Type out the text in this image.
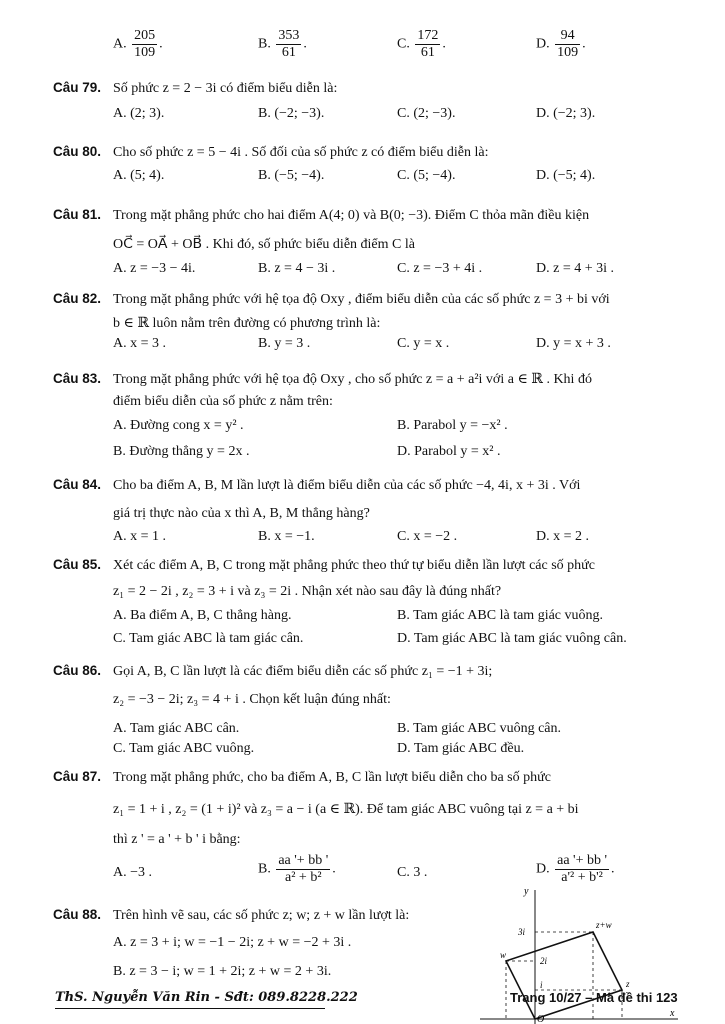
A. $\frac{205}{109}$ .	B. $\frac{353}{61}$ .	C. $\frac{172}{61}$ .	D. $\frac{94}{109}$ .
Câu 79. Số phức z = 2 − 3i có điểm biểu diễn là:
A. (2; 3).	B. (−2; −3).	C. (2; −3).	D. (−2; 3).
Câu 80. Cho số phức z = 5 − 4i . Số đối của số phức z có điểm biểu diễn là:
A. (5; 4).	B. (−5; −4).	C. (5; −4).	D. (−5; 4).
Câu 81. Trong mặt phẳng phức cho hai điểm A(4; 0) và B(0; −3). Điểm C thỏa mãn điều kiện
OC⃗ = OA⃗ + OB⃗ . Khi đó, số phức biểu diễn điểm C là
A. z = −3 − 4i.	B. z = 4 − 3i .	C. z = −3 + 4i .	D. z = 4 + 3i .
Câu 82. Trong mặt phẳng phức với hệ tọa độ Oxy , điểm biểu diễn của các số phức z = 3 + bi với
b ∈ ℝ luôn nằm trên đường có phương trình là:
A. x = 3 .	B. y = 3 .	C. y = x .	D. y = x + 3 .
Câu 83. Trong mặt phẳng phức với hệ tọa độ Oxy , cho số phức z = a + a²i với a ∈ ℝ . Khi đó
điểm biểu diễn của số phức z nằm trên:
A. Đường cong x = y² .	B. Parabol y = −x² .
B. Đường thẳng y = 2x .	D. Parabol y = x² .
Câu 84. Cho ba điểm A, B, M lần lượt là điểm biểu diễn của các số phức −4, 4i, x + 3i . Với
giá trị thực nào của x thì A, B, M thẳng hàng?
A. x = 1 .	B. x = −1.	C. x = −2 .	D. x = 2 .
Câu 85. Xét các điểm A, B, C trong mặt phẳng phức theo thứ tự biểu diễn lần lượt các số phức
z₁ = 2 − 2i , z₂ = 3 + i và z₃ = 2i . Nhận xét nào sau đây là đúng nhất?
A. Ba điểm A, B, C thẳng hàng.	B. Tam giác ABC là tam giác vuông.
C. Tam giác ABC là tam giác cân.	D. Tam giác ABC là tam giác vuông cân.
Câu 86. Gọi A, B, C lần lượt là các điểm biểu diễn các số phức z₁ = −1 + 3i;
z₂ = −3 − 2i; z₃ = 4 + i . Chọn kết luận đúng nhất:
A. Tam giác ABC cân.	B. Tam giác ABC vuông cân.
C. Tam giác ABC vuông.	D. Tam giác ABC đều.
Câu 87. Trong mặt phẳng phức, cho ba điểm A, B, C lần lượt biểu diễn cho ba số phức
z₁ = 1 + i , z₂ = (1 + i)² và z₃ = a − i (a ∈ ℝ). Để tam giác ABC vuông tại z = a + bi
thì z ' = a ' + b ' i bằng:
A. −3 .	B. $\frac{aa '+ bb '}{\text{a² + b²}}$ .	C. 3 .	D. $\frac{aa '+ bb '}{\text{a'² + b'²}}$ .
Câu 88. Trên hình vẽ sau, các số phức z; w; z + w lần lượt là:
A. z = 3 + i; w = −1 − 2i; z + w = −2 + 3i .
B. z = 3 − i; w = 1 + 2i; z + w = 2 + 3i.
y
x
O
3i
2i
i
z+w
w
z
ThS. Nguyễn Văn Rin - Sđt: 089.8228.222	Trang 10/27 – Mã đề thi 123
